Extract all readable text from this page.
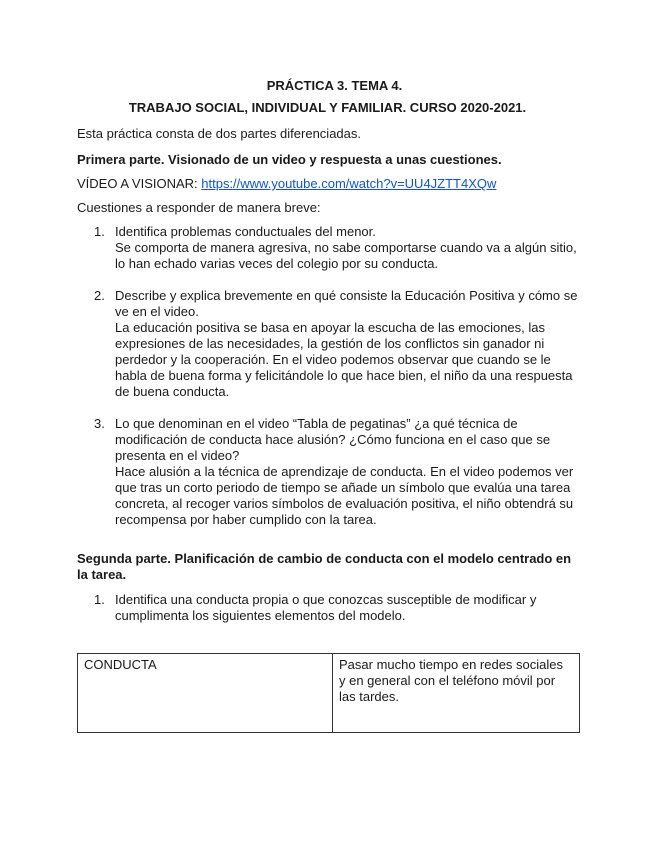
PRÁCTICA 3. TEMA 4.
TRABAJO SOCIAL, INDIVIDUAL Y FAMILIAR. CURSO 2020-2021.
Esta práctica consta de dos partes diferenciadas.
Primera parte. Visionado de un video y respuesta a unas cuestiones.
VÍDEO A VISIONAR: https://www.youtube.com/watch?v=UU4JZTT4XQw
Cuestiones a responder de manera breve:
1. Identifica problemas conductuales del menor.

Se comporta de manera agresiva, no sabe comportarse cuando va a algún sitio, lo han echado varias veces del colegio por su conducta.

2. Describe y explica brevemente en qué consiste la Educación Positiva y cómo se ve en el video.

La educación positiva se basa en apoyar la escucha de las emociones, las expresiones de las necesidades, la gestión de los conflictos sin ganador ni perdedor y la cooperación. En el video podemos observar que cuando se le habla de buena forma y felicitándole lo que hace bien, el niño da una respuesta de buena conducta.

3. Lo que denominan en el video “Tabla de pegatinas” ¿a qué técnica de modificación de conducta hace alusión? ¿Cómo funciona en el caso que se presenta en el video?

Hace alusión a la técnica de aprendizaje de conducta. En el video podemos ver que tras un corto periodo de tiempo se añade un símbolo que evalúa una tarea concreta, al recoger varios símbolos de evaluación positiva, el niño obtendrá su recompensa por haber cumplido con la tarea.

Segunda parte. Planificación de cambio de conducta con el modelo centrado en la tarea.
1. Identifica una conducta propia o que conozcas susceptible de modificar y cumplimenta los siguientes elementos del modelo.

CONDUCTA	Pasar mucho tiempo en redes sociales y en general con el teléfono móvil por las tardes.
